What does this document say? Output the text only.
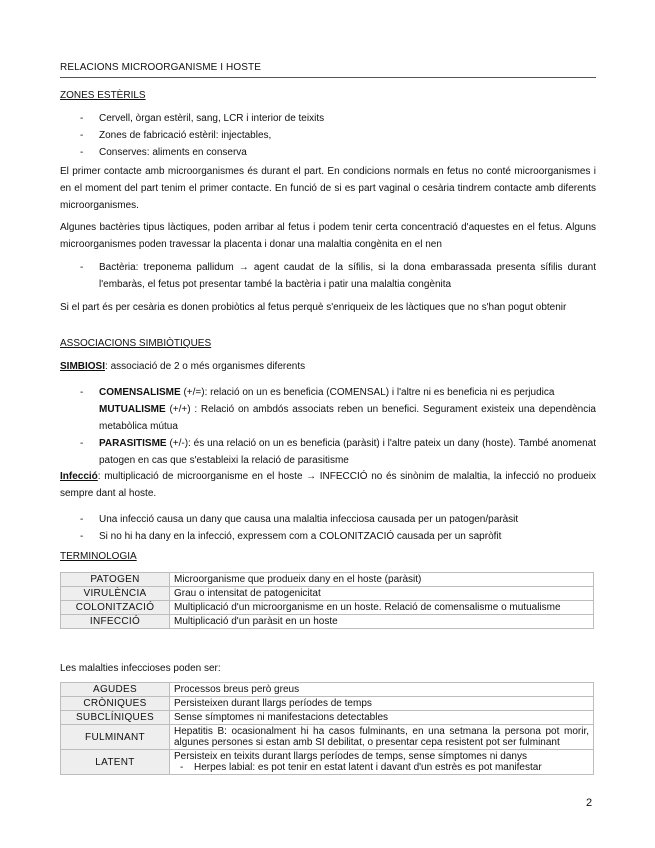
RELACIONS MICROORGANISME I HOSTE
ZONES ESTÈRILS
- Cervell, òrgan estèril, sang, LCR i interior de teixits
- Zones de fabricació estèril: injectables,
- Conserves: aliments en conserva
El primer contacte amb microorganismes és durant el part. En condicions normals en fetus no conté microorganismes i en el moment del part tenim el primer contacte. En funció de si es part vaginal o cesària tindrem contacte amb diferents microorganismes.
Algunes bactèries tipus làctiques, poden arribar al fetus i podem tenir certa concentració d'aquestes en el fetus. Alguns microorganismes poden travessar la placenta i donar una malaltia congènita en el nen
- Bactèria: treponema pallidum → agent caudat de la sífilis, si la dona embarassada presenta sífilis durant l'embaràs, el fetus pot presentar també la bactèria i patir una malaltia congènita
Si el part és per cesària es donen probiòtics al fetus perquè s'enriqueix de les làctiques que no s'han pogut obtenir
ASSOCIACIONS SIMBIÒTIQUES
SIMBIOSI: associació de 2 o més organismes diferents
- COMENSALISME (+/=): relació on un es beneficia (COMENSAL) i l'altre ni es beneficia ni es perjudica
MUTUALISME (+/+) : Relació on ambdós associats reben un benefici. Segurament existeix una dependència metabòlica mútua
- PARASITISME (+/-): és una relació on un es beneficia (paràsit) i l'altre pateix un dany (hoste). També anomenat patogen en cas que s'estableixi la relació de parasitisme
Infecció: multiplicació de microorganisme en el hoste → INFECCIÓ no és sinònim de malaltia, la infecció no produeix sempre dant al hoste.
- Una infecció causa un dany que causa una malaltia infecciosa causada per un patogen/paràsit
- Si no hi ha dany en la infecció, expressem com a COLONITZACIÓ causada per un sapròfit
TERMINOLOGIA
PATOGEN	Microorganisme que produeix dany en el hoste (paràsit)
VIRULÈNCIA	Grau o intensitat de patogenicitat
COLONITZACIÓ	Multiplicació d'un microorganisme en un hoste. Relació de comensalisme o mutualisme
INFECCIÓ	Multiplicació d'un paràsit en un hoste
Les malalties infeccioses poden ser:
AGUDES	Processos breus però greus
CRÒNIQUES	Persisteixen durant llargs períodes de temps
SUBCLÍNIQUES	Sense símptomes ni manifestacions detectables
FULMINANT	Hepatitis B: ocasionalment hi ha casos fulminants, en una setmana la persona pot morir, algunes persones si estan amb SI debilitat, o presentar cepa resistent pot ser fulminant
LATENT	Persisteix en teixits durant llargs períodes de temps, sense símptomes ni danys
- Herpes labial: es pot tenir en estat latent i davant d'un estrès es pot manifestar
2
